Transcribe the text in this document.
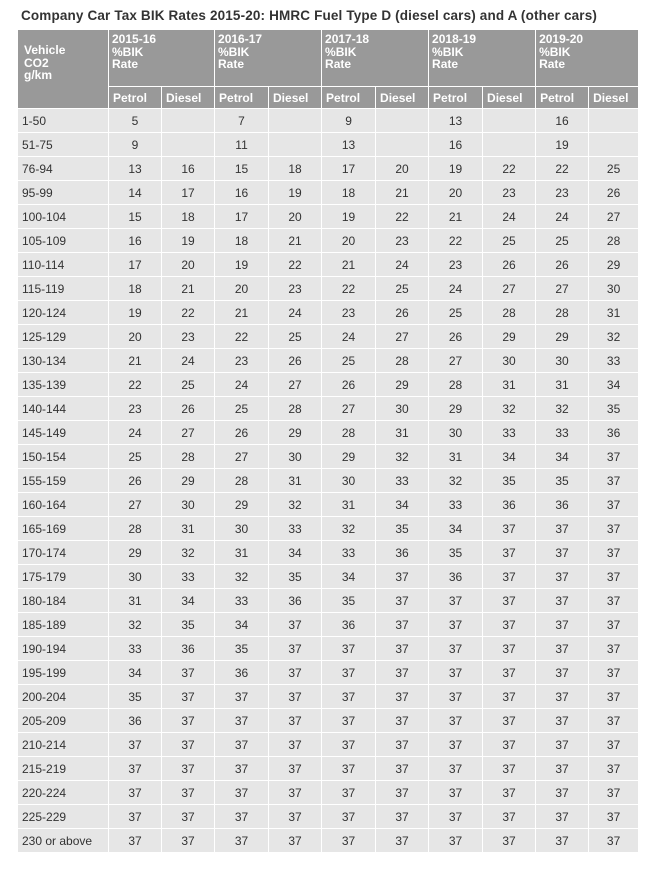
Company Car Tax BIK Rates 2015-20: HMRC Fuel Type D (diesel cars) and A (other cars)
Vehicle
CO2
g/km	2015-16
%BIK
Rate		2016-17
%BIK
Rate		2017-18
%BIK
Rate		2018-19
%BIK
Rate		2019-20
%BIK
Rate	

	Petrol	Diesel	Petrol	Diesel	Petrol	Diesel	Petrol	Diesel	Petrol	Diesel

1-50	5		7		9		13		16	
51-75	9		11		13		16		19	
76-94	13	16	15	18	17	20	19	22	22	25
95-99	14	17	16	19	18	21	20	23	23	26
100-104	15	18	17	20	19	22	21	24	24	27
105-109	16	19	18	21	20	23	22	25	25	28
110-114	17	20	19	22	21	24	23	26	26	29
115-119	18	21	20	23	22	25	24	27	27	30
120-124	19	22	21	24	23	26	25	28	28	31
125-129	20	23	22	25	24	27	26	29	29	32
130-134	21	24	23	26	25	28	27	30	30	33
135-139	22	25	24	27	26	29	28	31	31	34
140-144	23	26	25	28	27	30	29	32	32	35
145-149	24	27	26	29	28	31	30	33	33	36
150-154	25	28	27	30	29	32	31	34	34	37
155-159	26	29	28	31	30	33	32	35	35	37
160-164	27	30	29	32	31	34	33	36	36	37
165-169	28	31	30	33	32	35	34	37	37	37
170-174	29	32	31	34	33	36	35	37	37	37
175-179	30	33	32	35	34	37	36	37	37	37
180-184	31	34	33	36	35	37	37	37	37	37
185-189	32	35	34	37	36	37	37	37	37	37
190-194	33	36	35	37	37	37	37	37	37	37
195-199	34	37	36	37	37	37	37	37	37	37
200-204	35	37	37	37	37	37	37	37	37	37
205-209	36	37	37	37	37	37	37	37	37	37
210-214	37	37	37	37	37	37	37	37	37	37
215-219	37	37	37	37	37	37	37	37	37	37
220-224	37	37	37	37	37	37	37	37	37	37
225-229	37	37	37	37	37	37	37	37	37	37
230 or above	37	37	37	37	37	37	37	37	37	37
